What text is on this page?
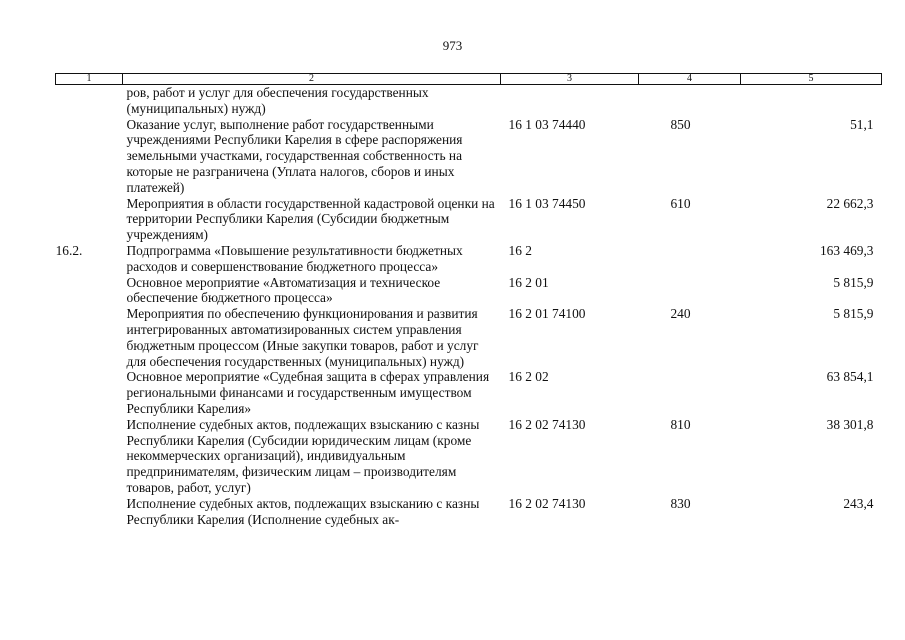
973
1	2	3	4	5
	ров, работ и услуг для обеспечения государственных (муниципальных) нужд)			
	Оказание услуг, выполнение работ государственными учреждениями Республики Карелия в сфере распоряжения земельными участками, государственная собственность на которые не разграничена (Уплата налогов, сборов и иных платежей)	16 1 03 74440	850	51,1
	Мероприятия в области государственной кадастровой оценки на территории Республики Карелия (Субсидии бюджетным учреждениям)	16 1 03 74450	610	22 662,3
16.2.	Подпрограмма «Повышение результативности бюджетных расходов и совершенствование бюджетного процесса»	16 2		163 469,3
	Основное мероприятие «Автоматизация и техническое обеспечение бюджетного процесса»	16 2 01		5 815,9
	Мероприятия по обеспечению функционирования и развития интегрированных автоматизированных систем управления бюджетным процессом (Иные закупки товаров, работ и услуг для обеспечения государственных (муниципальных) нужд)	16 2 01 74100	240	5 815,9
	Основное мероприятие «Судебная защита в сферах управления региональными финансами и государственным имуществом Республики Карелия»	16 2 02		63 854,1
	Исполнение судебных актов, подлежащих взысканию с казны Республики Карелия (Субсидии юридическим лицам (кроме некоммерческих организаций), индивидуальным предпринимателям, физическим лицам – производителям товаров, работ, услуг)	16 2 02 74130	810	38 301,8
	Исполнение судебных актов, подлежащих взысканию с казны Республики Карелия (Исполнение судебных ак-	16 2 02 74130	830	243,4
